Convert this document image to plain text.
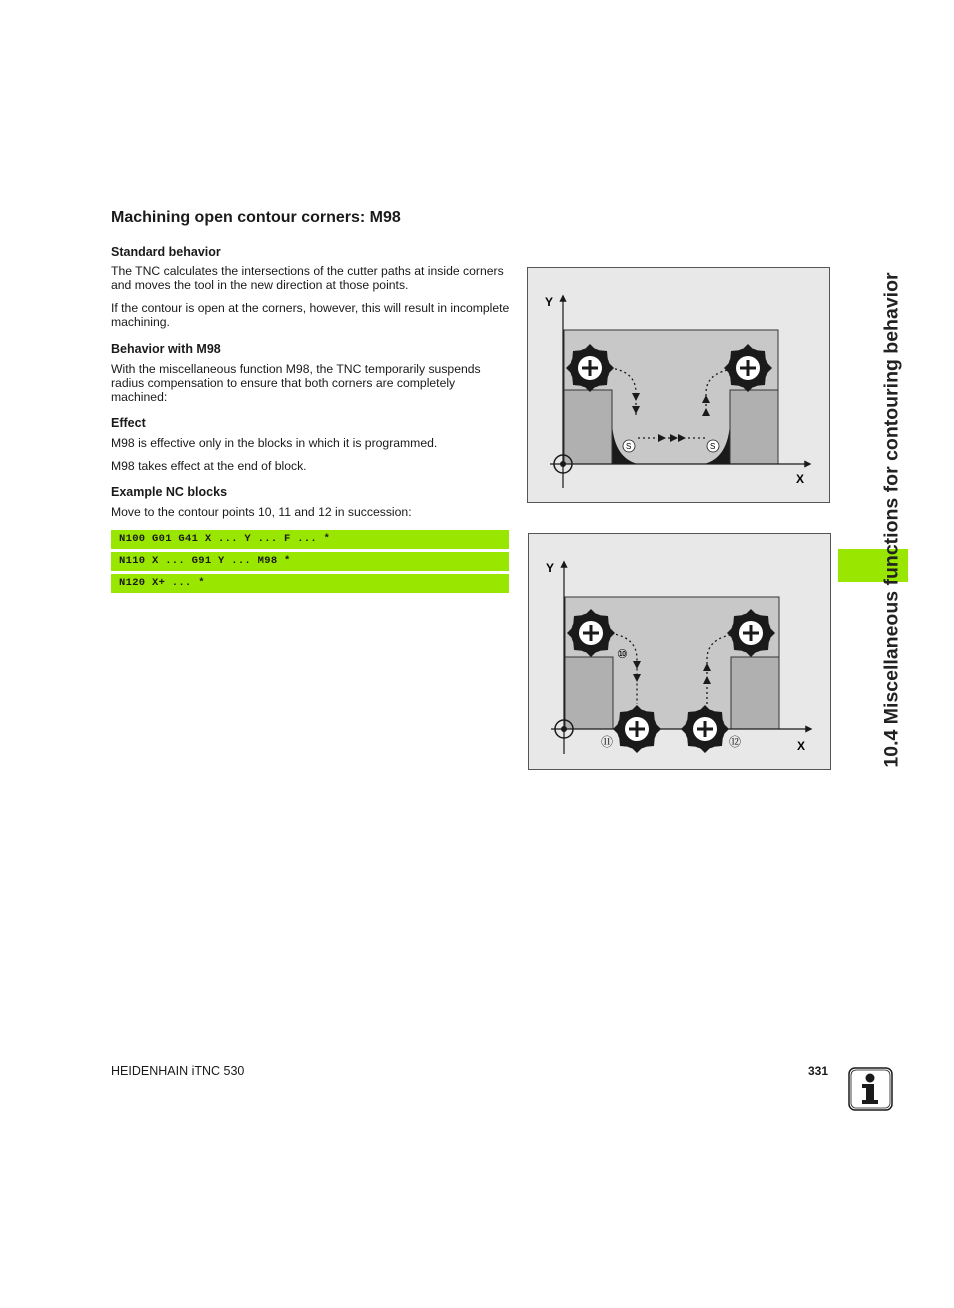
Machining open contour corners: M98
Standard behavior

The TNC calculates the intersections of the cutter paths at inside corners and moves the tool in the new direction at those points.

If the contour is open at the corners, however, this will result in incomplete machining.

Behavior with M98

With the miscellaneous function M98, the TNC temporarily suspends radius compensation to ensure that both corners are completely machined:

Effect

M98 is effective only in the blocks in which it is programmed.

M98 takes effect at the end of block.

Example NC blocks

Move to the contour points 10, 11 and 12 in succession:

N100 G01 G41 X ... Y ... F ... *
N110 X ... G91 Y ... M98 *
N120 X+ ... *
Y
X
S	S
Y
X
⑩
⑪	⑫	10.4 Miscellaneous functions for contouring behavior
HEIDENHAIN iTNC 530	331
